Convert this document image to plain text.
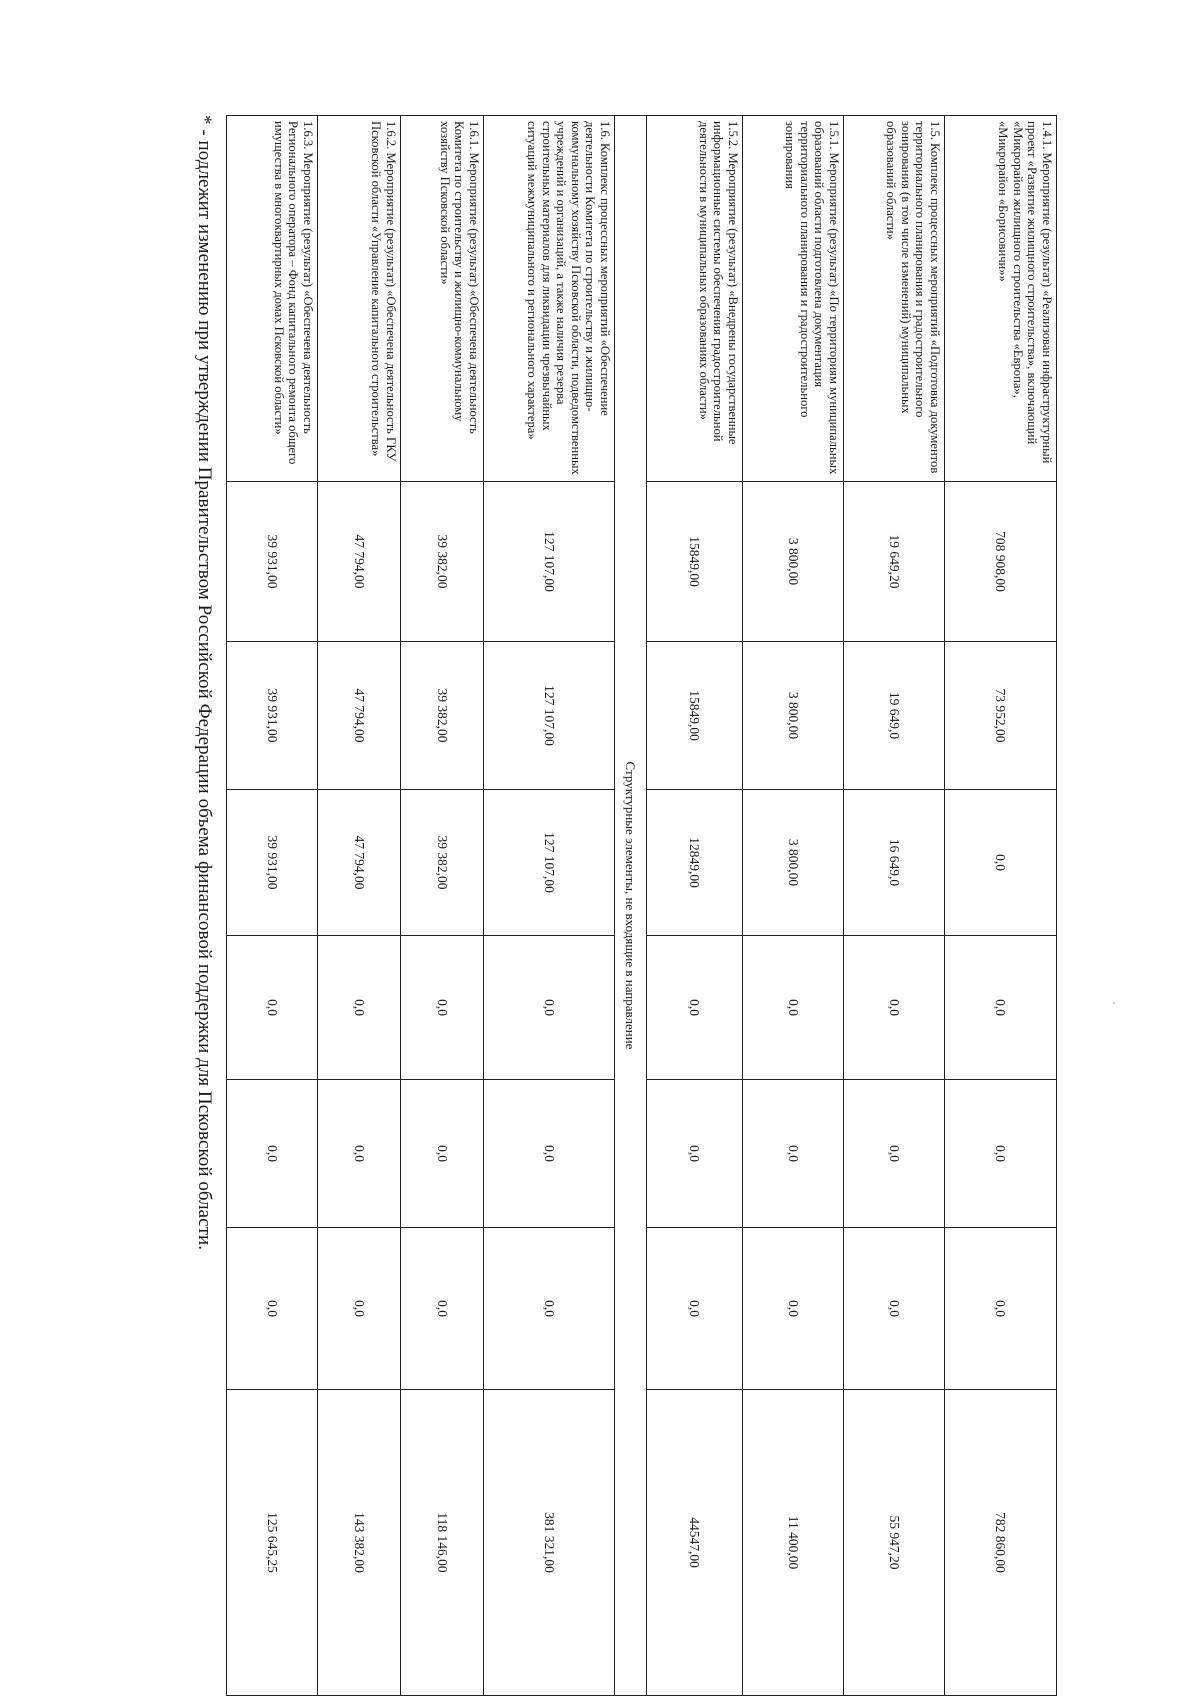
1.4.1. Мероприятие (результат) «Реализован инфраструктурный проект «Развитие жилищного строительства», включающий «Микрорайон жилищного строительства «Европа», «Микрорайон «Борисовичи»»	708 908,00	73 952,00	0,0	0,0	0,0	0,0	782 860,00
1.5. Комплекс процессных мероприятий «Подготовка документов территориального планирования и градостроительного зонирования (в том числе изменений) муниципальных образований области»	19 649,20	19 649,0	16 649,0	0,0	0,0	0,0	55 947,20
1.5.1. Мероприятие (результат) «По территориям муниципальных образований области подготовлена документация территориального планирования и градостроительного зонирования	3 800,00	3 800,00	3 800,00	0,0	0,0	0,0	11 400,00
1.5.2. Мероприятие (результат) «Внедрены государственные информационные системы обеспечения градостроительной деятельности в муниципальных образованиях области»	15849,00	15849,00	12849,00	0,0	0,0	0,0	44547,00
Структурные элементы, не входящие в направление							
1.6. Комплекс процессных мероприятий «Обеспечение деятельности Комитета по строительству и жилищно-коммунальному хозяйству Псковской области, подведомственных учреждений и организаций, а также наличия резерва строительных материалов для ликвидации чрезвычайных ситуаций межмуниципального и регионального характера»	127 107,00	127 107,00	127 107,00	0,0	0,0	0,0	381 321,00
1.6.1. Мероприятие (результат) «Обеспечена деятельность Комитета по строительству и жилищно-коммунальному хозяйству Псковской области»	39 382,00	39 382,00	39 382,00	0,0	0,0	0,0	118 146,00
1.6.2. Мероприятие (результат) «Обеспечена деятельность ГКУ Псковской области «Управление капитального строительства»	47 794,00	47 794,00	47 794,00	0,0	0,0	0,0	143 382,00
1.6.3. Мероприятие (результат) «Обеспечена деятельность Регионального оператора – Фонд капитального ремонта общего имущества в многоквартирных домах Псковской области»	39 931,00	39 931,00	39 931,00	0,0	0,0	0,0	125 645,25
* - подлежит изменению при утверждении Правительством Российской Федерации объема финансовой поддержки для Псковской области.
